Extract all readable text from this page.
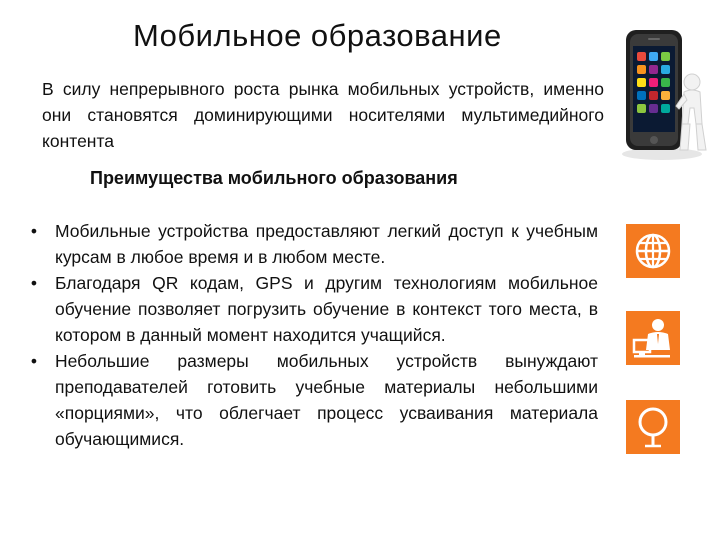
Мобильное образование
В силу непрерывного роста рынка мобильных устройств, именно они становятся доминирующими носителями мультимедийного контента
Преимущества мобильного образования
• Мобильные устройства предоставляют легкий доступ к учебным курсам в любое время и в любом месте.
• Благодаря QR кодам, GPS и другим технологиям мобильное обучение позволяет погрузить обучение в контекст того места, в котором в данный момент находится учащийся.
• Небольшие размеры мобильных устройств вынуждают преподавателей готовить учебные материалы небольшими «порциями», что облегчает процесс усваивания материала обучающимися.
